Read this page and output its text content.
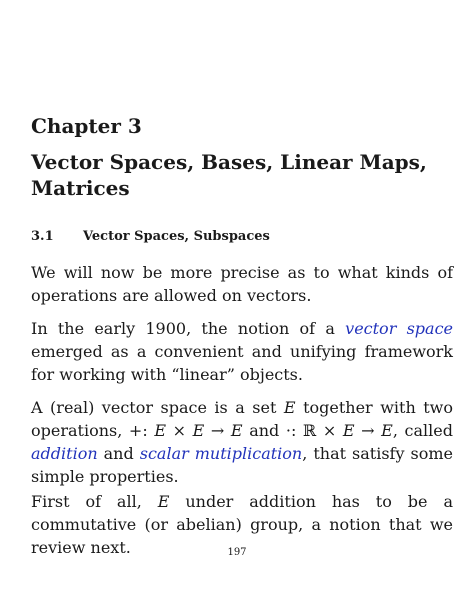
Chapter 3
Vector Spaces, Bases, Linear Maps, Matrices
3.1 Vector Spaces, Subspaces

We will now be more precise as to what kinds of operations are allowed on vectors.

In the early 1900, the notion of a vector space emerged as a convenient and unifying framework for working with “linear” objects.

A (real) vector space is a set E together with two operations, +: E × E → E and ·: ℝ × E → E, called addition and scalar mutiplication, that satisfy some simple properties.

First of all, E under addition has to be a commutative (or abelian) group, a notion that we review next.	197
